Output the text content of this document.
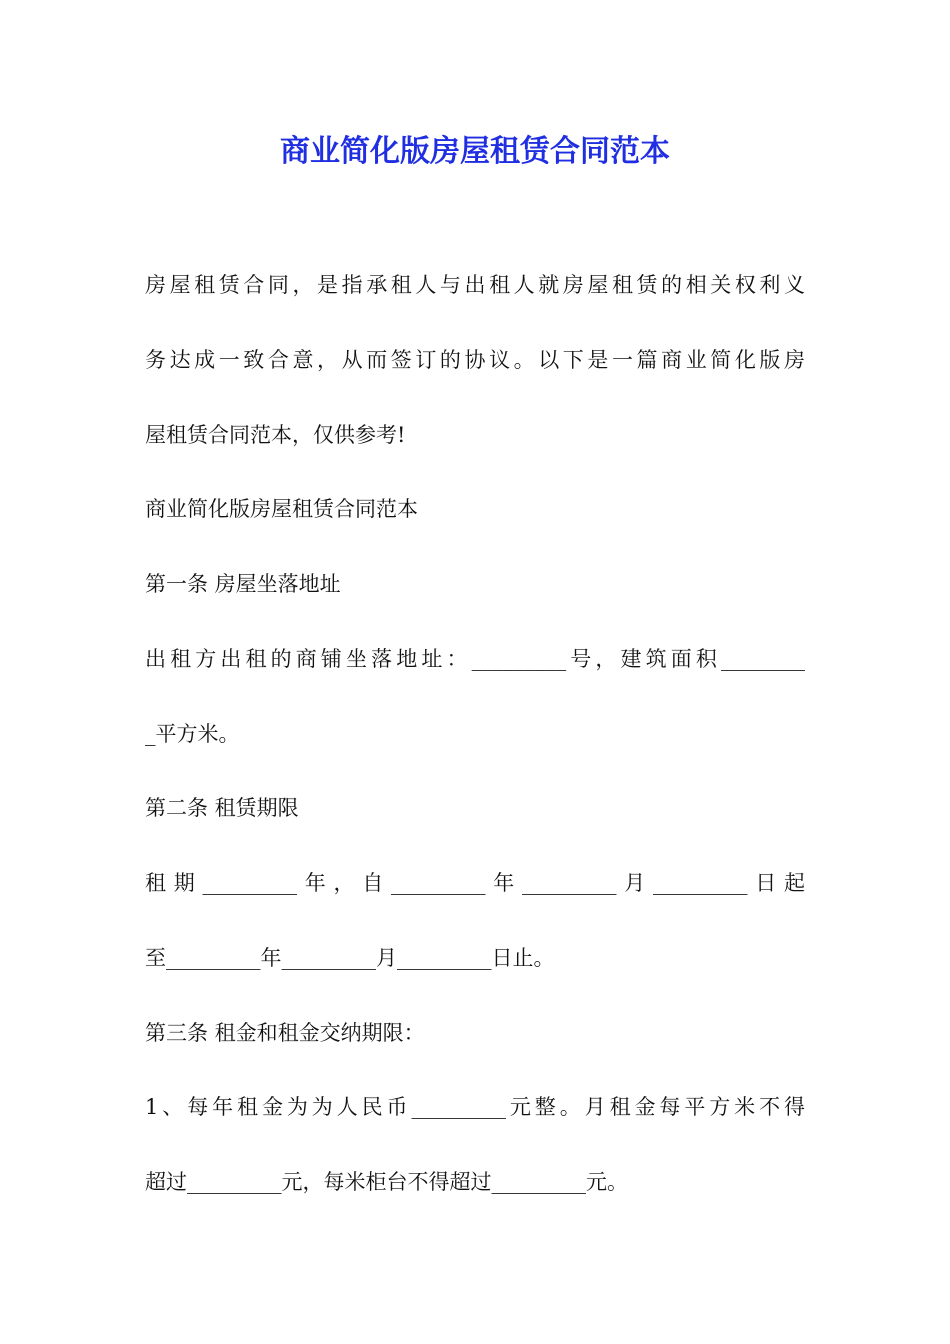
商业简化版房屋租赁合同范本
房屋租赁合同，是指承租人与出租人就房屋租赁的相关权利义
务达成一致合意，从而签订的协议。以下是一篇商业简化版房
屋租赁合同范本，仅供参考!
商业简化版房屋租赁合同范本
第一条 房屋坐落地址
出租方出租的商铺坐落地址：_________号，建筑面积________
_平方米。
第二条 租赁期限
租期_________年，自_________年_________月_________日起
至_________年_________月_________日止。
第三条 租金和租金交纳期限：
1、每年租金为为人民币_________元整。月租金每平方米不得
超过_________元，每米柜台不得超过_________元。
